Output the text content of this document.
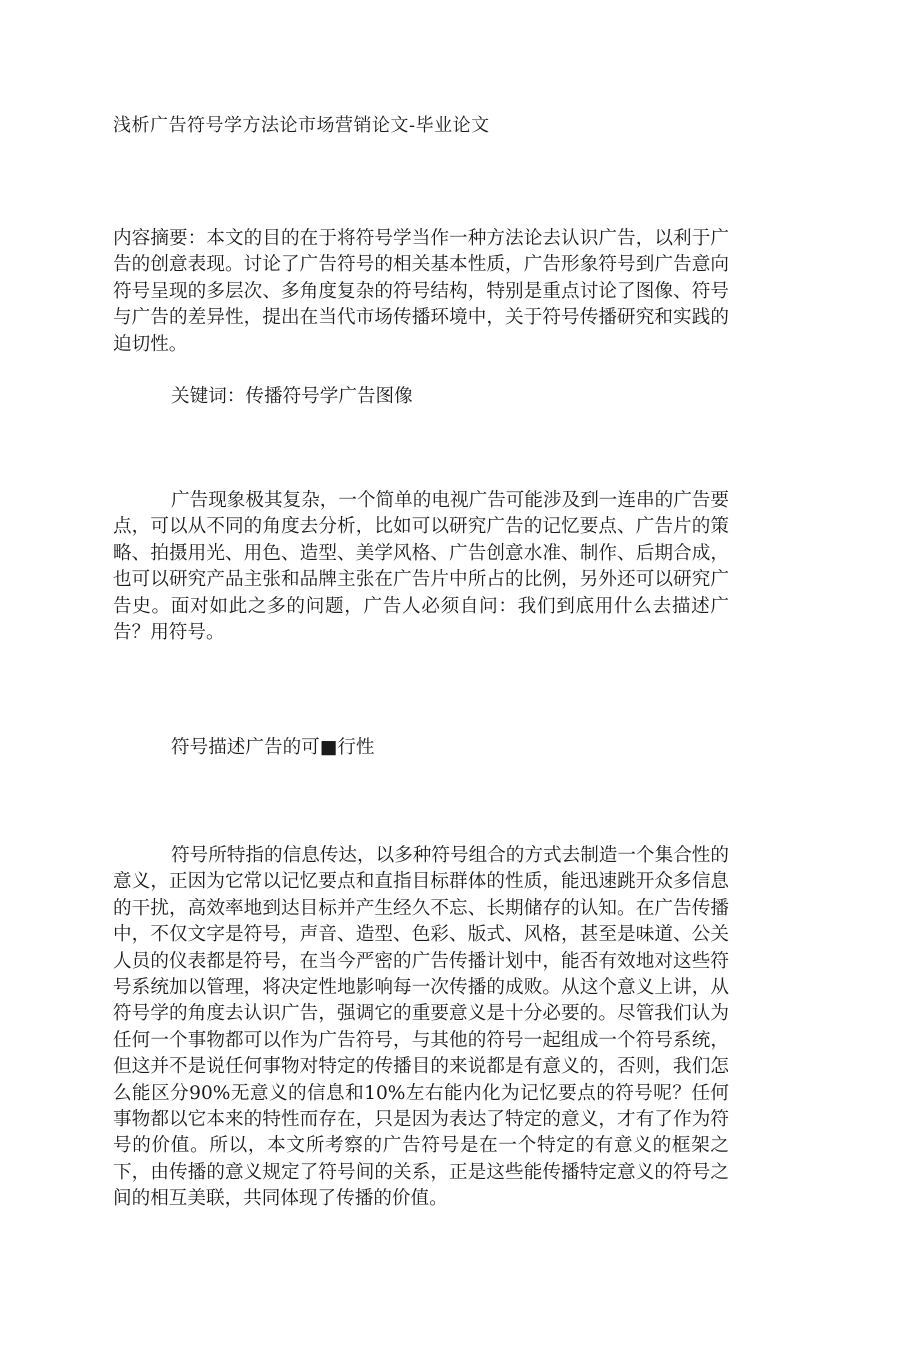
浅析广告符号学方法论市场营销论文-毕业论文

内容摘要：本文的目的在于将符号学当作一种方法论去认识广告，以利于广告的创意表现。讨论了广告符号的相关基本性质，广告形象符号到广告意向符号呈现的多层次、多角度复杂的符号结构，特别是重点讨论了图像、符号与广告的差异性，提出在当代市场传播环境中，关于符号传播研究和实践的迫切性。

关键词：传播符号学广告图像

广告现象极其复杂，一个简单的电视广告可能涉及到一连串的广告要点，可以从不同的角度去分析，比如可以研究广告的记忆要点、广告片的策略、拍摄用光、用色、造型、美学风格、广告创意水准、制作、后期合成，也可以研究产品主张和品牌主张在广告片中所占的比例，另外还可以研究广告史。面对如此之多的问题，广告人必须自问：我们到底用什么去描述广告？用符号。

符号描述广告的可■行性

符号所特指的信息传达，以多种符号组合的方式去制造一个集合性的意义，正因为它常以记忆要点和直指目标群体的性质，能迅速跳开众多信息的干扰，高效率地到达目标并产生经久不忘、长期储存的认知。在广告传播中，不仅文字是符号，声音、造型、色彩、版式、风格，甚至是味道、公关人员的仪表都是符号，在当今严密的广告传播计划中，能否有效地对这些符号系统加以管理，将决定性地影响每一次传播的成败。从这个意义上讲，从符号学的角度去认识广告，强调它的重要意义是十分必要的。尽管我们认为任何一个事物都可以作为广告符号，与其他的符号一起组成一个符号系统，但这并不是说任何事物对特定的传播目的来说都是有意义的，否则，我们怎么能区分90%无意义的信息和10%左右能内化为记忆要点的符号呢？任何事物都以它本来的特性而存在，只是因为表达了特定的意义，才有了作为符号的价值。所以，本文所考察的广告符号是在一个特定的有意义的框架之下，由传播的意义规定了符号间的关系，正是这些能传播特定意义的符号之间的相互美联，共同体现了传播的价值。
